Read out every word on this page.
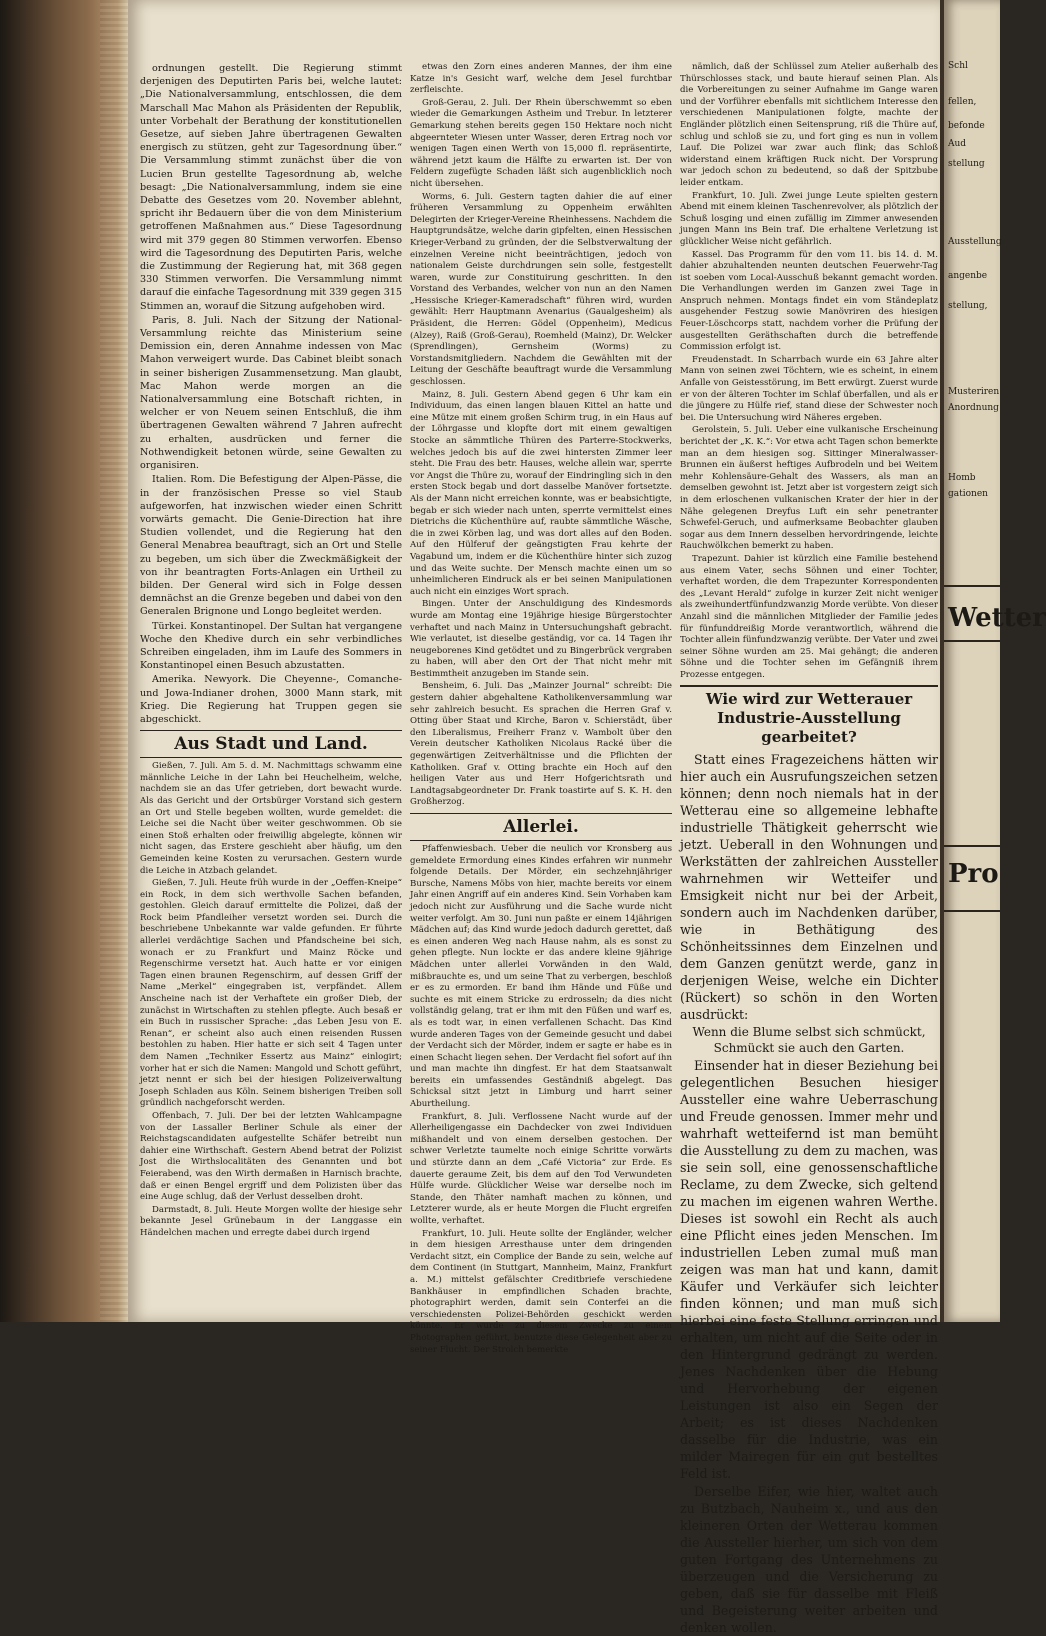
ordnungen gestellt. Die Regierung stimmt derjenigen des Deputirten Paris bei, welche lautet: „Die Nationalversammlung, entschlossen, die dem Marschall Mac Mahon als Präsidenten der Republik, unter Vorbehalt der Berathung der konstitutionellen Gesetze, auf sieben Jahre übertragenen Gewalten energisch zu stützen, geht zur Tagesordnung über.“ Die Versammlung stimmt zunächst über die von Lucien Brun gestellte Tagesordnung ab, welche besagt: „Die Nationalversammlung, indem sie eine Debatte des Gesetzes vom 20. November ablehnt, spricht ihr Bedauern über die von dem Ministerium getroffenen Maßnahmen aus.“ Diese Tagesordnung wird mit 379 gegen 80 Stimmen verworfen. Ebenso wird die Tagesordnung des Deputirten Paris, welche die Zustimmung der Regierung hat, mit 368 gegen 330 Stimmen verworfen. Die Versammlung nimmt darauf die einfache Tagesordnung mit 339 gegen 315 Stimmen an, worauf die Sitzung aufgehoben wird.

Paris, 8. Juli. Nach der Sitzung der National-Versammlung reichte das Ministerium seine Demission ein, deren Annahme indessen von Mac Mahon verweigert wurde. Das Cabinet bleibt sonach in seiner bisherigen Zusammensetzung. Man glaubt, Mac Mahon werde morgen an die Nationalversammlung eine Botschaft richten, in welcher er von Neuem seinen Entschluß, die ihm übertragenen Gewalten während 7 Jahren aufrecht zu erhalten, ausdrücken und ferner die Nothwendigkeit betonen würde, seine Gewalten zu organisiren.

Italien. Rom. Die Befestigung der Alpen-Pässe, die in der französischen Presse so viel Staub aufgeworfen, hat inzwischen wieder einen Schritt vorwärts gemacht. Die Genie-Direction hat ihre Studien vollendet, und die Regierung hat den General Menabrea beauftragt, sich an Ort und Stelle zu begeben, um sich über die Zweckmäßigkeit der von ihr beantragten Forts-Anlagen ein Urtheil zu bilden. Der General wird sich in Folge dessen demnächst an die Grenze begeben und dabei von den Generalen Brignone und Longo begleitet werden.

Türkei. Konstantinopel. Der Sultan hat vergangene Woche den Khedive durch ein sehr verbindliches Schreiben eingeladen, ihm im Laufe des Sommers in Konstantinopel einen Besuch abzustatten.

Amerika. Newyork. Die Cheyenne-, Comanche- und Jowa-Indianer drohen, 3000 Mann stark, mit Krieg. Die Regierung hat Truppen gegen sie abgeschickt.

Aus Stadt und Land.

Gießen, 7. Juli. Am 5. d. M. Nachmittags schwamm eine männliche Leiche in der Lahn bei Heuchelheim, welche, nachdem sie an das Ufer getrieben, dort bewacht wurde. Als das Gericht und der Ortsbürger Vorstand sich gestern an Ort und Stelle begeben wollten, wurde gemeldet: die Leiche sei die Nacht über weiter geschwommen. Ob sie einen Stoß erhalten oder freiwillig abgelegte, können wir nicht sagen, das Erstere geschieht aber häufig, um den Gemeinden keine Kosten zu verursachen. Gestern wurde die Leiche in Atzbach gelandet.

Gießen, 7. Juli. Heute früh wurde in der „Oeffen-Kneipe“ ein Rock, in dem sich werthvolle Sachen befanden, gestohlen. Gleich darauf ermittelte die Polizei, daß der Rock beim Pfandleiher versetzt worden sei. Durch die beschriebene Unbekannte war valde gefunden. Er führte allerlei verdächtige Sachen und Pfandscheine bei sich, wonach er zu Frankfurt und Mainz Röcke und Regenschirme versetzt hat. Auch hatte er vor einigen Tagen einen braunen Regenschirm, auf dessen Griff der Name „Merkel“ eingegraben ist, verpfändet. Allem Anscheine nach ist der Verhaftete ein großer Dieb, der zunächst in Wirtschaften zu stehlen pflegte. Auch besaß er ein Buch in russischer Sprache: „das Leben Jesu von E. Renan“, er scheint also auch einen reisenden Russen bestohlen zu haben. Hier hatte er sich seit 4 Tagen unter dem Namen „Techniker Essertz aus Mainz“ einlogirt; vorher hat er sich die Namen: Mangold und Schott geführt, jetzt nennt er sich bei der hiesigen Polizeiverwaltung Joseph Schladen aus Köln. Seinem bisherigen Treiben soll gründlich nachgeforscht werden.

Offenbach, 7. Juli. Der bei der letzten Wahlcampagne von der Lassaller Berliner Schule als einer der Reichstagscandidaten aufgestellte Schäfer betreibt nun dahier eine Wirthschaft. Gestern Abend betrat der Polizist Jost die Wirthslocalitäten des Genannten und bot Feierabend, was den Wirth dermaßen in Harnisch brachte, daß er einen Bengel ergriff und dem Polizisten über das eine Auge schlug, daß der Verlust desselben droht.

Darmstadt, 8. Juli. Heute Morgen wollte der hiesige sehr bekannte Jesel Grünebaum in der Langgasse ein Händelchen machen und erregte dabei durch irgend

etwas den Zorn eines anderen Mannes, der ihm eine Katze in's Gesicht warf, welche dem Jesel furchtbar zerfleischte.

Groß-Gerau, 2. Juli. Der Rhein überschwemmt so eben wieder die Gemarkungen Astheim und Trebur. In letzterer Gemarkung stehen bereits gegen 150 Hektare noch nicht abgeernteter Wiesen unter Wasser, deren Ertrag noch vor wenigen Tagen einen Werth von 15,000 fl. repräsentirte, während jetzt kaum die Hälfte zu erwarten ist. Der von Feldern zugefügte Schaden läßt sich augenblicklich noch nicht übersehen.

Worms, 6. Juli. Gestern tagten dahier die auf einer früheren Versammlung zu Oppenheim erwählten Delegirten der Krieger-Vereine Rheinhessens. Nachdem die Hauptgrundsätze, welche darin gipfelten, einen Hessischen Krieger-Verband zu gründen, der die Selbstverwaltung der einzelnen Vereine nicht beeinträchtigen, jedoch von nationalem Geiste durchdrungen sein solle, festgestellt waren, wurde zur Constituirung geschritten. In den Vorstand des Verbandes, welcher von nun an den Namen „Hessische Krieger-Kameradschaft“ führen wird, wurden gewählt: Herr Hauptmann Avenarius (Gaualgesheim) als Präsident, die Herren: Gödel (Oppenheim), Medicus (Alzey), Raiß (Groß-Gerau), Roemheld (Mainz), Dr. Welcker (Sprendlingen), Gernsheim (Worms) zu Vorstandsmitgliedern. Nachdem die Gewählten mit der Leitung der Geschäfte beauftragt wurde die Versammlung geschlossen.

Mainz, 8. Juli. Gestern Abend gegen 6 Uhr kam ein Individuum, das einen langen blauen Kittel an hatte und eine Mütze mit einem großen Schirm trug, in ein Haus auf der Löhrgasse und klopfte dort mit einem gewaltigen Stocke an sämmtliche Thüren des Parterre-Stockwerks, welches jedoch bis auf die zwei hintersten Zimmer leer steht. Die Frau des betr. Hauses, welche allein war, sperrte vor Angst die Thüre zu, worauf der Eindringling sich in den ersten Stock begab und dort dasselbe Manöver fortsetzte. Als der Mann nicht erreichen konnte, was er beabsichtigte, begab er sich wieder nach unten, sperrte vermittelst eines Dietrichs die Küchenthüre auf, raubte sämmtliche Wäsche, die in zwei Körben lag, und was dort alles auf den Boden. Auf den Hülferuf der geängstigten Frau kehrte der Vagabund um, indem er die Küchenthüre hinter sich zuzog und das Weite suchte. Der Mensch machte einen um so unheimlicheren Eindruck als er bei seinen Manipulationen auch nicht ein einziges Wort sprach.

Bingen. Unter der Anschuldigung des Kindesmords wurde am Montag eine 19jährige hiesige Bürgerstochter verhaftet und nach Mainz in Untersuchungshaft gebracht. Wie verlautet, ist dieselbe geständig, vor ca. 14 Tagen ihr neugeborenes Kind getödtet und zu Bingerbrück vergraben zu haben, will aber den Ort der That nicht mehr mit Bestimmtheit anzugeben im Stande sein.

Bensheim, 6. Juli. Das „Mainzer Journal“ schreibt: Die gestern dahier abgehaltene Katholikenversammlung war sehr zahlreich besucht. Es sprachen die Herren Graf v. Otting über Staat und Kirche, Baron v. Schierstädt, über den Liberalismus, Freiherr Franz v. Wambolt über den Verein deutscher Katholiken Nicolaus Racké über die gegenwärtigen Zeitverhältnisse und die Pflichten der Katholiken. Graf v. Otting brachte ein Hoch auf den heiligen Vater aus und Herr Hofgerichtsrath und Landtagsabgeordneter Dr. Frank toastirte auf S. K. H. den Großherzog.

Allerlei.

Pfaffenwiesbach. Ueber die neulich vor Kronsberg aus gemeldete Ermordung eines Kindes erfahren wir nunmehr folgende Details. Der Mörder, ein sechzehnjähriger Bursche, Namens Möbs von hier, machte bereits vor einem Jahr einen Angriff auf ein anderes Kind. Sein Vorhaben kam jedoch nicht zur Ausführung und die Sache wurde nicht weiter verfolgt. Am 30. Juni nun paßte er einem 14jährigen Mädchen auf; das Kind wurde jedoch dadurch gerettet, daß es einen anderen Weg nach Hause nahm, als es sonst zu gehen pflegte. Nun lockte er das andere kleine 9jährige Mädchen unter allerlei Vorwänden in den Wald, mißbrauchte es, und um seine That zu verbergen, beschloß er es zu ermorden. Er band ihm Hände und Füße und suchte es mit einem Stricke zu erdrosseln; da dies nicht vollständig gelang, trat er ihm mit den Füßen und warf es, als es todt war, in einen verfallenen Schacht. Das Kind wurde anderen Tages von der Gemeinde gesucht und dabei der Verdacht sich der Mörder, indem er sagte er habe es in einen Schacht liegen sehen. Der Verdacht fiel sofort auf ihn und man machte ihn dingfest. Er hat dem Staatsanwalt bereits ein umfassendes Geständniß abgelegt. Das Schicksal sitzt jetzt in Limburg und harrt seiner Aburtheilung.

Frankfurt, 8. Juli. Verflossene Nacht wurde auf der Allerheiligengasse ein Dachdecker von zwei Individuen mißhandelt und von einem derselben gestochen. Der schwer Verletzte taumelte noch einige Schritte vorwärts und stürzte dann an dem „Café Victoria“ zur Erde. Es dauerte geraume Zeit, bis dem auf den Tod Verwundeten Hülfe wurde. Glücklicher Weise war derselbe noch im Stande, den Thäter namhaft machen zu können, und Letzterer wurde, als er heute Morgen die Flucht ergreifen wollte, verhaftet.

Frankfurt, 10. Juli. Heute sollte der Engländer, welcher in dem hiesigen Arresthause unter dem dringenden Verdacht sitzt, ein Complice der Bande zu sein, welche auf dem Continent (in Stuttgart, Mannheim, Mainz, Frankfurt a. M.) mittelst gefälschter Creditbriefe verschiedene Bankhäuser in empfindlichen Schaden brachte, photographirt werden, damit sein Conterfei an die verschiedensten Polizei-Behörden geschickt werden könnte. Er wurde zu diesem Zwecke zu einem Photographen geführt, benutzte diese Gelegenheit aber zu seiner Flucht. Der Strolch bemerkte

nämlich, daß der Schlüssel zum Atelier außerhalb des Thürschlosses stack, und baute hierauf seinen Plan. Als die Vorbereitungen zu seiner Aufnahme im Gange waren und der Vorführer ebenfalls mit sichtlichem Interesse den verschiedenen Manipulationen folgte, machte der Engländer plötzlich einen Seitensprung, riß die Thüre auf, schlug und schloß sie zu, und fort ging es nun in vollem Lauf. Die Polizei war zwar auch flink; das Schloß widerstand einem kräftigen Ruck nicht. Der Vorsprung war jedoch schon zu bedeutend, so daß der Spitzbube leider entkam.

Frankfurt, 10. Juli. Zwei junge Leute spielten gestern Abend mit einem kleinen Taschenrevolver, als plötzlich der Schuß losging und einen zufällig im Zimmer anwesenden jungen Mann ins Bein traf. Die erhaltene Verletzung ist glücklicher Weise nicht gefährlich.

Kassel. Das Programm für den vom 11. bis 14. d. M. dahier abzuhaltenden neunten deutschen Feuerwehr-Tag ist soeben vom Local-Ausschuß bekannt gemacht worden. Die Verhandlungen werden im Ganzen zwei Tage in Anspruch nehmen. Montags findet ein vom Ständeplatz ausgehender Festzug sowie Manövriren des hiesigen Feuer-Löschcorps statt, nachdem vorher die Prüfung der ausgestellten Geräthschaften durch die betreffende Commission erfolgt ist.

Freudenstadt. In Scharrbach wurde ein 63 Jahre alter Mann von seinen zwei Töchtern, wie es scheint, in einem Anfalle von Geistesstörung, im Bett erwürgt. Zuerst wurde er von der älteren Tochter im Schlaf überfallen, und als er die jüngere zu Hülfe rief, stand diese der Schwester noch bei. Die Untersuchung wird Näheres ergeben.

Gerolstein, 5. Juli. Ueber eine vulkanische Erscheinung berichtet der „K. K.“: Vor etwa acht Tagen schon bemerkte man an dem hiesigen sog. Sittinger Mineralwasser-Brunnen ein äußerst heftiges Aufbrodeln und bei Weitem mehr Kohlensäure-Gehalt des Wassers, als man an demselben gewohnt ist. Jetzt aber ist vorgestern zeigt sich in dem erloschenen vulkanischen Krater der hier in der Nähe gelegenen Dreyfus Luft ein sehr penetranter Schwefel-Geruch, und aufmerksame Beobachter glauben sogar aus dem Innern desselben hervordringende, leichte Rauchwölkchen bemerkt zu haben.

Trapezunt. Dahier ist kürzlich eine Familie bestehend aus einem Vater, sechs Söhnen und einer Tochter, verhaftet worden, die dem Trapezunter Korrespondenten des „Levant Herald“ zufolge in kurzer Zeit nicht weniger als zweihundertfünfundzwanzig Morde verübte. Von dieser Anzahl sind die männlichen Mitglieder der Familie jedes für fünfunddreißig Morde verantwortlich, während die Tochter allein fünfundzwanzig verübte. Der Vater und zwei seiner Söhne wurden am 25. Mai gehängt; die anderen Söhne und die Tochter sehen im Gefängniß ihrem Prozesse entgegen.

Wie wird zur Wetterauer Industrie-Ausstellung gearbeitet?

Statt eines Fragezeichens hätten wir hier auch ein Ausrufungszeichen setzen können; denn noch niemals hat in der Wetterau eine so allgemeine lebhafte industrielle Thätigkeit geherrscht wie jetzt. Ueberall in den Wohnungen und Werkstätten der zahlreichen Aussteller wahrnehmen wir Wetteifer und Emsigkeit nicht nur bei der Arbeit, sondern auch im Nachdenken darüber, wie in Bethätigung des Schönheitssinnes dem Einzelnen und dem Ganzen genützt werde, ganz in derjenigen Weise, welche ein Dichter (Rückert) so schön in den Worten ausdrückt:

Wenn die Blume selbst sich schmückt, Schmückt sie auch den Garten.

Einsender hat in dieser Beziehung bei gelegentlichen Besuchen hiesiger Aussteller eine wahre Ueberraschung und Freude genossen. Immer mehr und wahrhaft wetteifernd ist man bemüht die Ausstellung zu dem zu machen, was sie sein soll, eine genossenschaftliche Reclame, zu dem Zwecke, sich geltend zu machen im eigenen wahren Werthe. Dieses ist sowohl ein Recht als auch eine Pflicht eines jeden Menschen. Im industriellen Leben zumal muß man zeigen was man hat und kann, damit Käufer und Verkäufer sich leichter finden können; und man muß sich hierbei eine feste Stellung erringen und erhalten, um nicht auf die Seite oder in den Hintergrund gedrängt zu werden. Jenes Nachdenken über die Hebung und Hervorhebung der eigenen Leistungen ist also ein Segen der Arbeit; es ist dieses Nachdenken dasselbe für die Industrie, was ein milder Mairegen für ein gut bestelltes Feld ist.

Derselbe Eifer, wie hier, waltet auch zu Butzbach, Nauheim x., und aus den kleineren Orten der Wetterau kommen die Aussteller hierher, um sich von dem guten Fortgang des Unternehmens zu überzeugen und die Versicherung zu geben, daß sie für dasselbe mit Fleiß und Begeisterung weiter arbeiten und denken wollen.

Schl
fellen,
befonde
Aud
stellung
Ausstellung
angenbe
stellung,
Musteriren
Anordnung
Homb
gationen
Wetter
Pro
